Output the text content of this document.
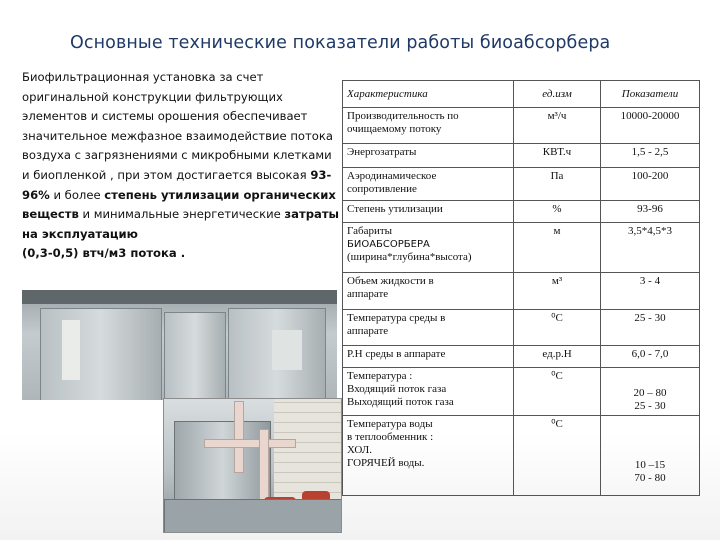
Основные технические показатели работы биоабсорбера
Биофильтрационная установка за счет оригинальной конструкции фильтрующих элементов и системы орошения обеспечивает значительное межфазное взаимодействие потока воздуха с загрязнениями с микробными клетками и биопленкой , при этом достигается высокая 93-96% и более степень утилизации органических веществ и минимальные энергетические затраты на эксплуатацию
(0,3-0,5) втч/м3 потока .
Характеристика	ед.изм	Показатели

Производительность по
очищаемому потоку	м³/ч	10000-20000
Энергозатраты	КВТ.ч	1,5 - 2,5

Аэродинамическое
сопротивление	Па	100-200
Степень утилизации	%	93-96

Габариты
БИОАБСОРБЕРА
(ширина*глубина*высота)	м	3,5*4,5*3

Объем жидкости в
аппарате	м³	3 - 4

Температура среды в
аппарате	⁰С	25 - 30
P.H среды в аппарате	ед.р.Н	6,0 - 7,0

Температура :
Входящий поток газа
Выходящий поток газа	⁰С	20 – 80
25 - 30

Температура воды
в теплообменник :
ХОЛ.
ГОРЯЧЕЙ воды.	⁰С	10 –15
70 - 80
